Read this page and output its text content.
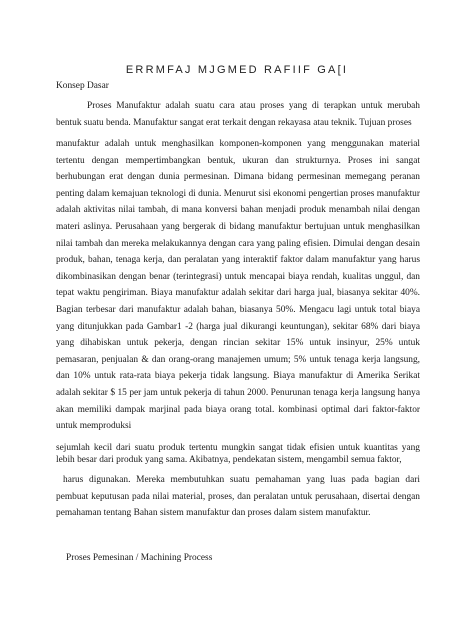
ERRMFAJ MJGMED RAFIIF GA[I
Konsep Dasar

Proses Manufaktur adalah suatu cara atau proses yang di terapkan untuk merubah bentuk suatu benda. Manufaktur sangat erat terkait dengan rekayasa atau teknik. Tujuan proses

manufaktur adalah untuk menghasilkan komponen-komponen yang menggunakan material tertentu dengan mempertimbangkan bentuk, ukuran dan strukturnya. Proses ini sangat berhubungan erat dengan dunia permesinan. Dimana bidang permesinan memegang peranan penting dalam kemajuan teknologi di dunia. Menurut sisi ekonomi pengertian proses manufaktur adalah aktivitas nilai tambah, di mana konversi bahan menjadi produk menambah nilai dengan materi aslinya. Perusahaan yang bergerak di bidang manufaktur bertujuan untuk menghasilkan nilai tambah dan mereka melakukannya dengan cara yang paling efisien. Dimulai dengan desain produk, bahan, tenaga kerja, dan peralatan yang interaktif faktor dalam manufaktur yang harus dikombinasikan dengan benar (terintegrasi) untuk mencapai biaya rendah, kualitas unggul, dan tepat waktu pengiriman. Biaya manufaktur adalah sekitar dari harga jual, biasanya sekitar 40%. Bagian terbesar dari manufaktur adalah bahan, biasanya 50%. Mengacu lagi untuk total biaya yang ditunjukkan pada Gambar1 -2 (harga jual dikurangi keuntungan), sekitar 68% dari biaya yang dihabiskan untuk pekerja, dengan rincian sekitar 15% untuk insinyur, 25% untuk pemasaran, penjualan & dan orang-orang manajemen umum; 5% untuk tenaga kerja langsung, dan 10% untuk rata-rata biaya pekerja tidak langsung. Biaya manufaktur di Amerika Serikat adalah sekitar $ 15 per jam untuk pekerja di tahun 2000. Penurunan tenaga kerja langsung hanya akan memiliki dampak marjinal pada biaya orang total. kombinasi optimal dari faktor-faktor untuk memproduksi

sejumlah kecil dari suatu produk tertentu mungkin sangat tidak efisien untuk kuantitas yang lebih besar dari produk yang sama. Akibatnya, pendekatan sistem, mengambil semua faktor,

harus digunakan. Mereka membutuhkan suatu pemahaman yang luas pada bagian dari pembuat keputusan pada nilai material, proses, dan peralatan untuk perusahaan, disertai dengan pemahaman tentang Bahan sistem manufaktur dan proses dalam sistem manufaktur.

Proses Pemesinan / Machining Process
